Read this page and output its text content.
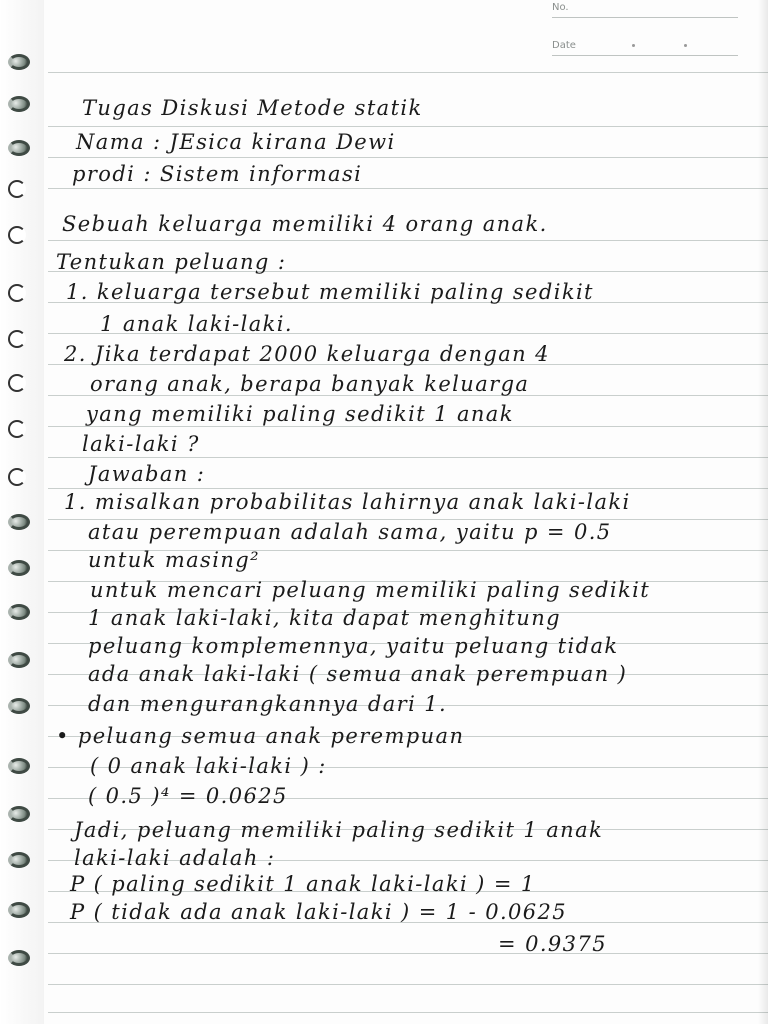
No.
Date
Tugas Diskusi Metode statik
Nama : JEsica kirana Dewi
prodi : Sistem informasi
Sebuah keluarga memiliki 4 orang anak.
Tentukan peluang :
1. keluarga tersebut memiliki paling sedikit
1 anak laki-laki.
2. Jika terdapat 2000 keluarga dengan 4
orang anak, berapa banyak keluarga
yang memiliki paling sedikit 1 anak
laki-laki ?
Jawaban :
1. misalkan probabilitas lahirnya anak laki-laki
atau perempuan adalah sama, yaitu p = 0.5
untuk masing²
untuk mencari peluang memiliki paling sedikit
1 anak laki-laki, kita dapat menghitung
peluang komplemennya, yaitu peluang tidak
ada anak laki-laki ( semua anak perempuan )
dan mengurangkannya dari 1.
• peluang semua anak perempuan
( 0 anak laki-laki ) :
( 0.5 )⁴ = 0.0625
Jadi, peluang memiliki paling sedikit 1 anak
laki-laki adalah :
P ( paling sedikit 1 anak laki-laki ) = 1
P ( tidak ada anak laki-laki ) = 1 - 0.0625
= 0.9375
